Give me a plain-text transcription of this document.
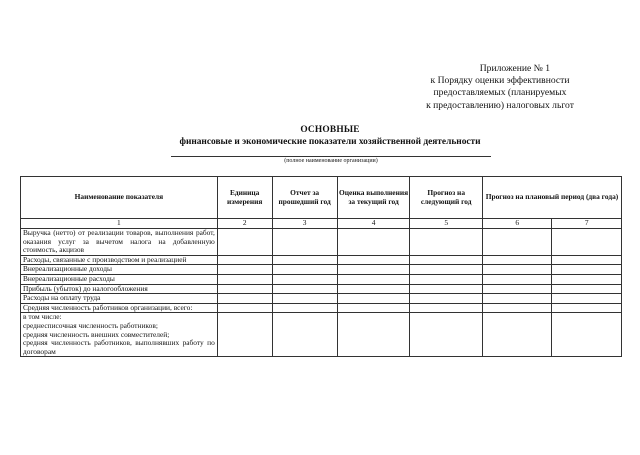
Приложение № 1
к Порядку оценки эффективности
предоставляемых (планируемых
к предоставлению) налоговых льгот
ОСНОВНЫЕ
финансовые и экономические показатели хозяйственной деятельности
(полное наименование организации)
Наименование показателя	Единица измерения	Отчет за прошедший год	Оценка выполнения за текущий год	Прогноз на следующий год	Прогноз на плановый период (два года)	
1	2	3	4	5	6	7
Выручка (нетто) от реализации товаров, выполнения работ, оказания услуг за вычетом налога на добавленную стоимость, акцизов						
Расходы, связанные с производством и реализацией						
Внереализационные доходы						
Внереализационные расходы						
Прибыль (убыток) до налогообложения						
Расходы на оплату труда						
Средняя численность работников организации, всего:						

в том числе:
среднесписочная численность работников;
средняя численность внешних совместителей;
средняя численность работников, выполнявших работу по договорам						
